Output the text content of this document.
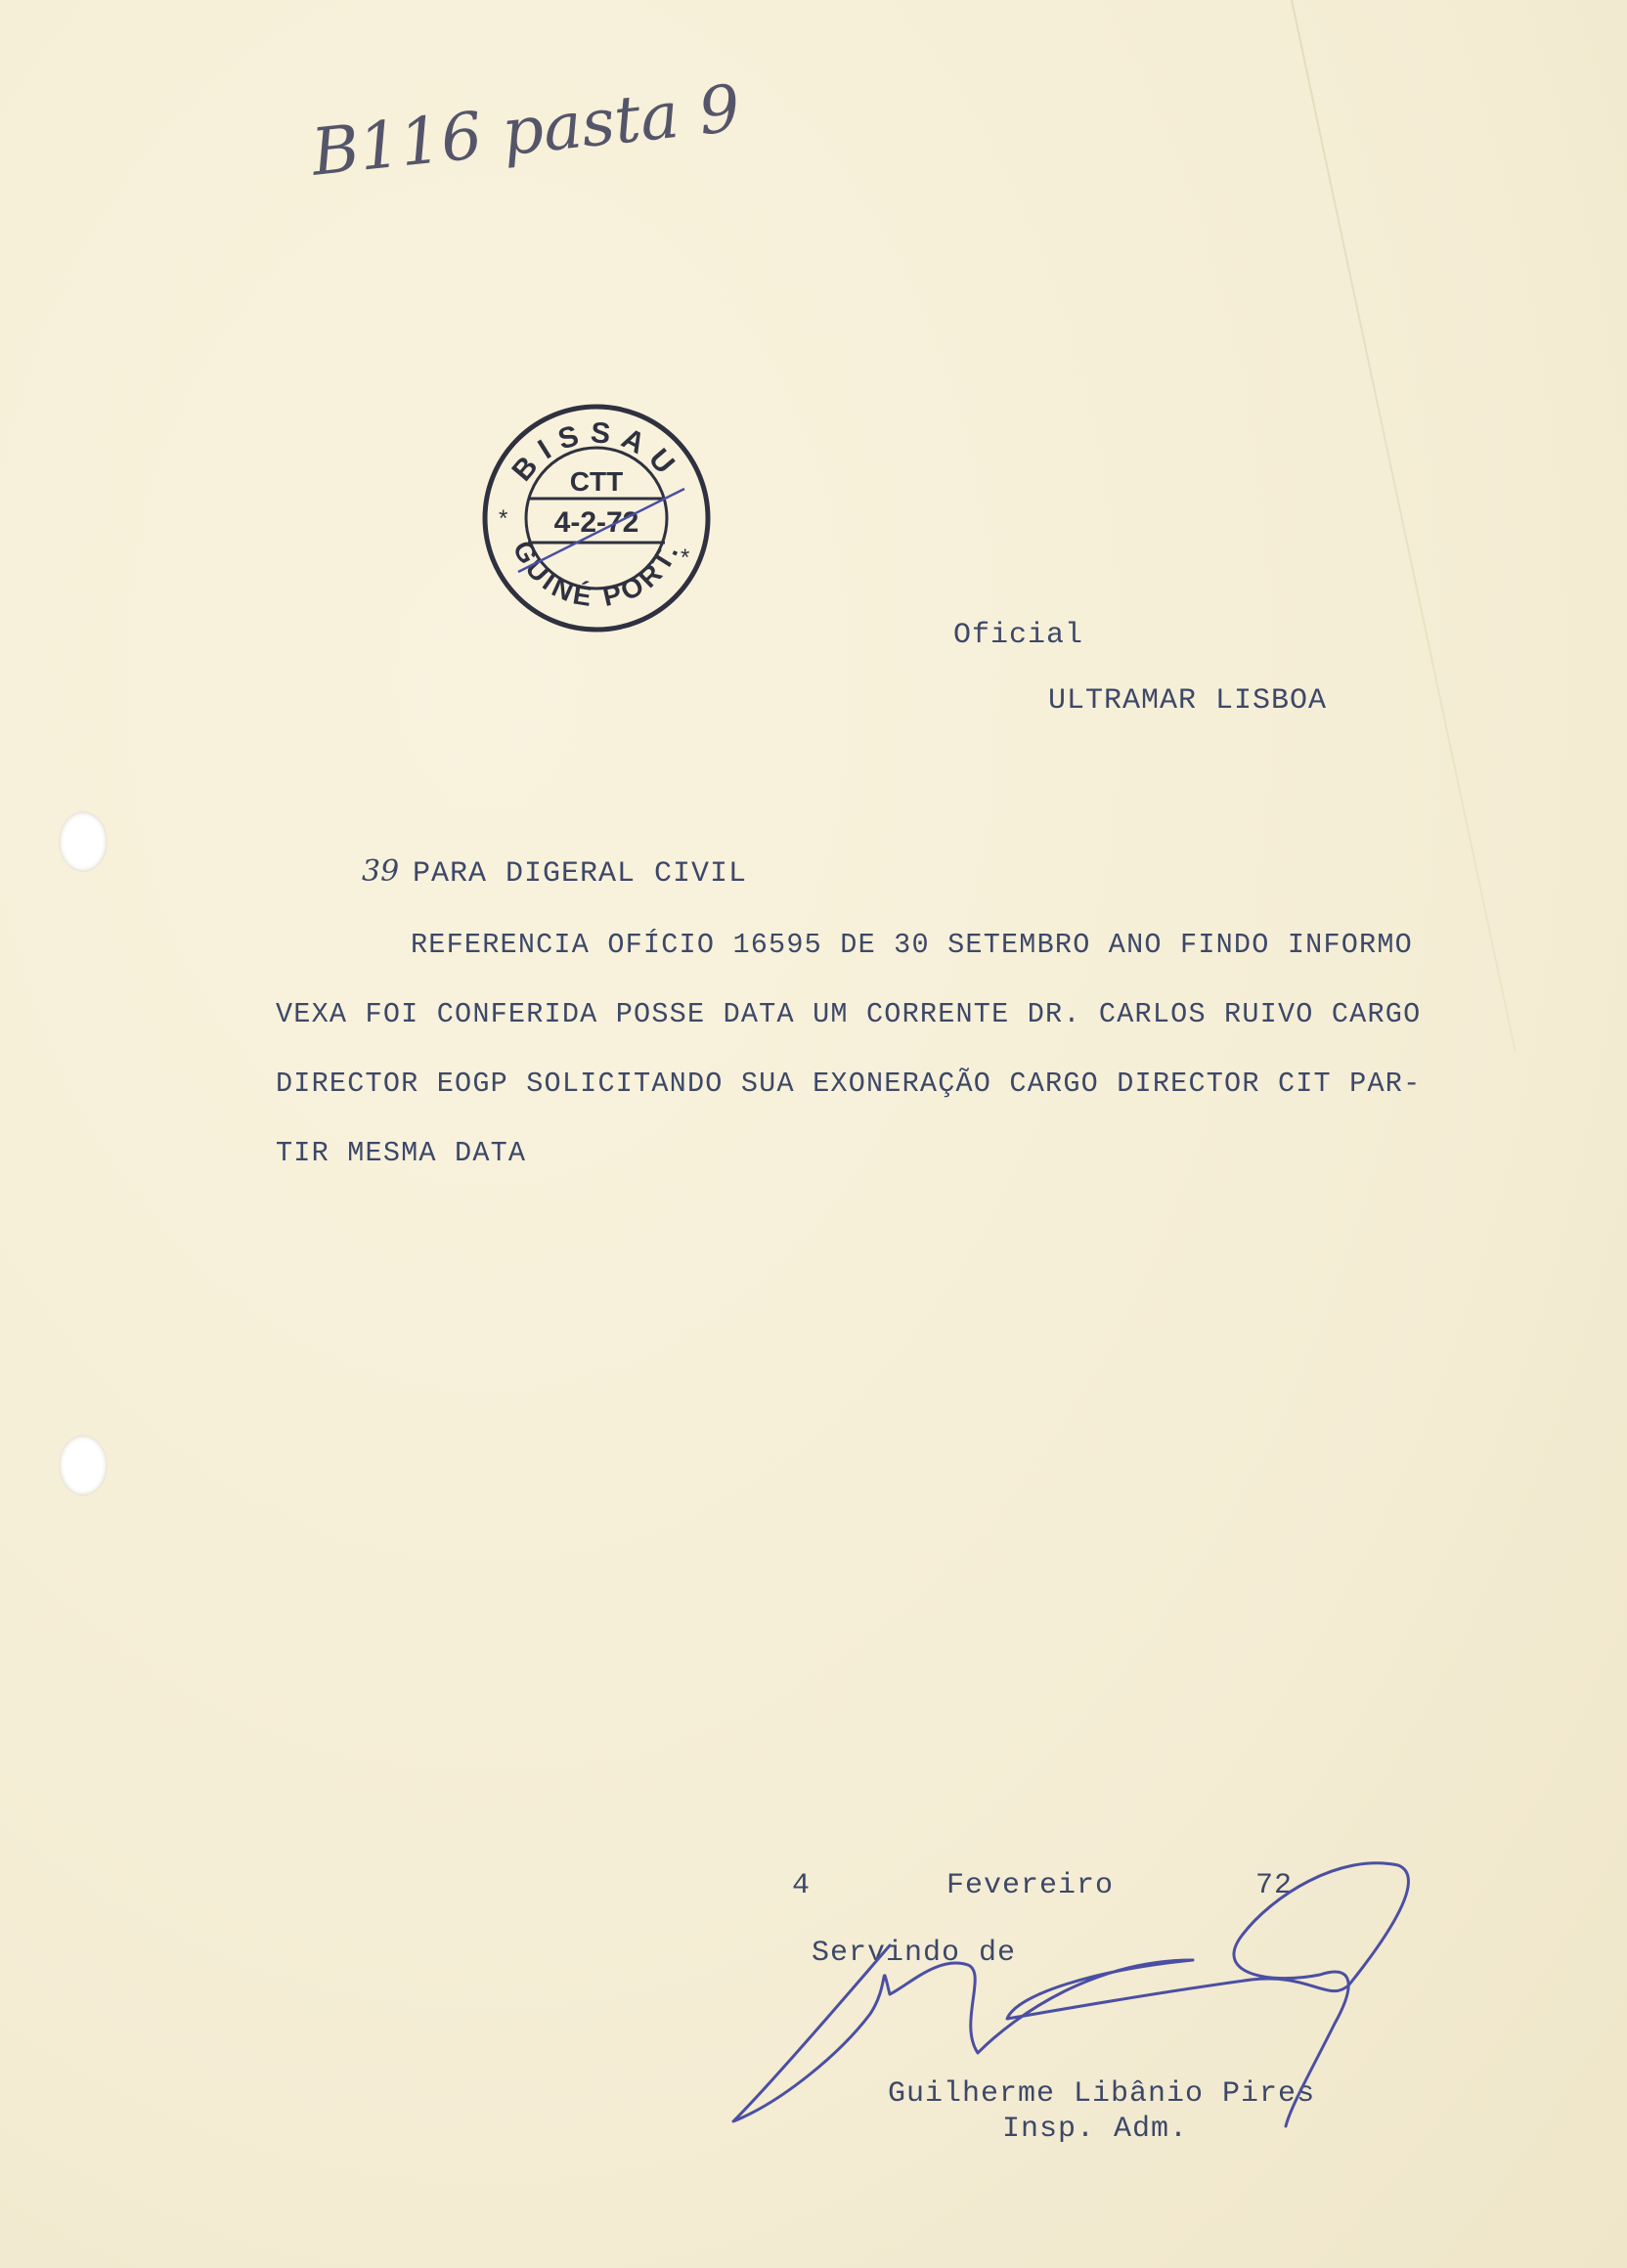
B116 pasta 9
BISSAU
GUINÉ PORT.
CTT
4-2-72
*
*
Oficial
ULTRAMAR LISBOA
39 PARA DIGERAL CIVIL

REFERENCIA OFÍCIO 16595 DE 30 SETEMBRO ANO FINDO INFORMO

VEXA FOI CONFERIDA POSSE DATA UM CORRENTE DR. CARLOS RUIVO CARGO

DIRECTOR EOGP SOLICITANDO SUA EXONERAÇÃO CARGO DIRECTOR CIT PAR-

TIR MESMA DATA

4	Fevereiro	72
Servindo de
Guilherme Libânio Pires
Insp. Adm.
